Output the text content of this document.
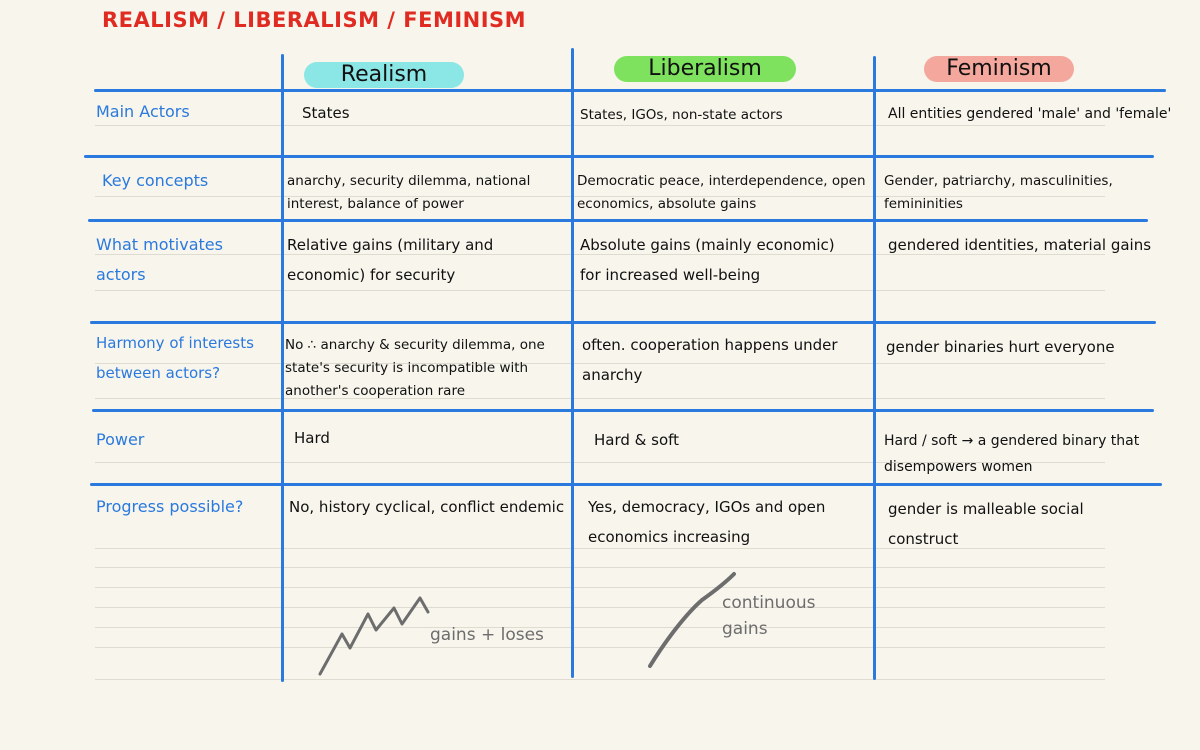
REALISM / LIBERALISM / FEMINISM
Realism	Liberalism	Feminism
Main Actors
Key concepts
What motivates actors
Harmony of interests between actors?
Power
Progress possible?
States
anarchy, security dilemma, national interest, balance of power
Relative gains (military and economic) for security
No ∴ anarchy & security dilemma, one state's security is incompatible with another's cooperation rare
Hard
No, history cyclical, conflict endemic
States, IGOs, non-state actors
Democratic peace, interdependence, open economics, absolute gains
Absolute gains (mainly economic) for increased well-being
often. cooperation happens under anarchy
Hard & soft
Yes, democracy, IGOs and open economics increasing
All entities gendered 'male' and 'female'
Gender, patriarchy, masculinities, femininities
gendered identities, material gains
gender binaries hurt everyone
Hard / soft → a gendered binary that disempowers women
gender is malleable social construct
gains + loses
continuous gains
